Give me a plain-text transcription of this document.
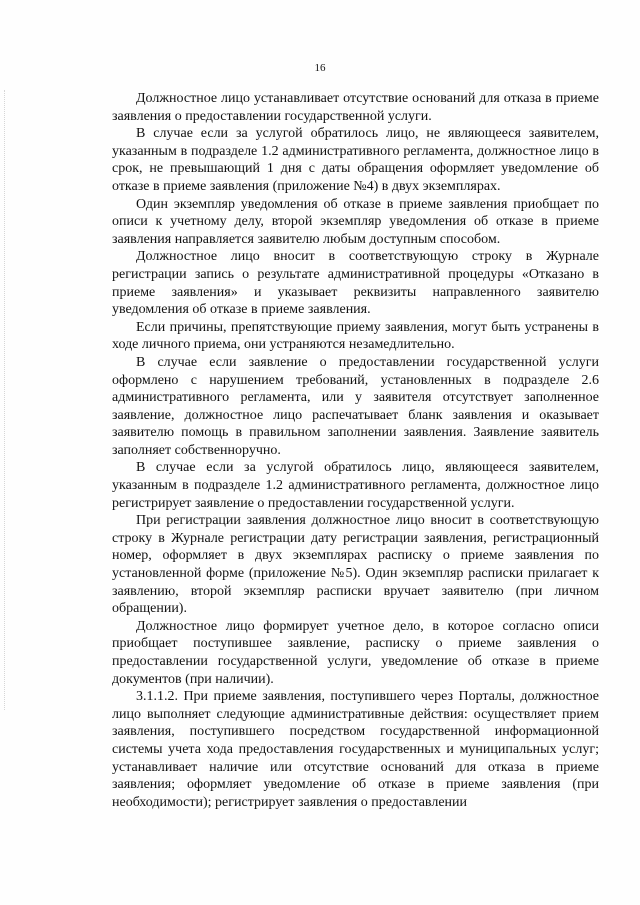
16

Должностное лицо устанавливает отсутствие оснований для отказа в приеме заявления о предоставлении государственной услуги.

В случае если за услугой обратилось лицо, не являющееся заявителем, указанным в подразделе 1.2 административного регламента, должностное лицо в срок, не превышающий 1 дня с даты обращения оформляет уведомление об отказе в приеме заявления (приложение №4) в двух экземплярах.

Один экземпляр уведомления об отказе в приеме заявления приобщает по описи к учетному делу, второй экземпляр уведомления об отказе в приеме заявления направляется заявителю любым доступным способом.

Должностное лицо вносит в соответствующую строку в Журнале регистрации запись о результате административной процедуры «Отказано в приеме заявления» и указывает реквизиты направленного заявителю уведомления об отказе в приеме заявления.

Если причины, препятствующие приему заявления, могут быть устранены в ходе личного приема, они устраняются незамедлительно.

В случае если заявление о предоставлении государственной услуги оформлено с нарушением требований, установленных в подразделе 2.6 административного регламента, или у заявителя отсутствует заполненное заявление, должностное лицо распечатывает бланк заявления и оказывает заявителю помощь в правильном заполнении заявления. Заявление заявитель заполняет собственноручно.

В случае если за услугой обратилось лицо, являющееся заявителем, указанным в подразделе 1.2 административного регламента, должностное лицо регистрирует заявление о предоставлении государственной услуги.

При регистрации заявления должностное лицо вносит в соответствующую строку в Журнале регистрации дату регистрации заявления, регистрационный номер, оформляет в двух экземплярах расписку о приеме заявления по установленной форме (приложение №5). Один экземпляр расписки прилагает к заявлению, второй экземпляр расписки вручает заявителю (при личном обращении).

Должностное лицо формирует учетное дело, в которое согласно описи приобщает поступившее заявление, расписку о приеме заявления о предоставлении государственной услуги, уведомление об отказе в приеме документов (при наличии).

3.1.1.2. При приеме заявления, поступившего через Порталы, должностное лицо выполняет следующие административные действия: осуществляет прием заявления, поступившего посредством государственной информационной системы учета хода предоставления государственных и муниципальных услуг; устанавливает наличие или отсутствие оснований для отказа в приеме заявления; оформляет уведомление об отказе в приеме заявления (при необходимости); регистрирует заявления о предоставлении
